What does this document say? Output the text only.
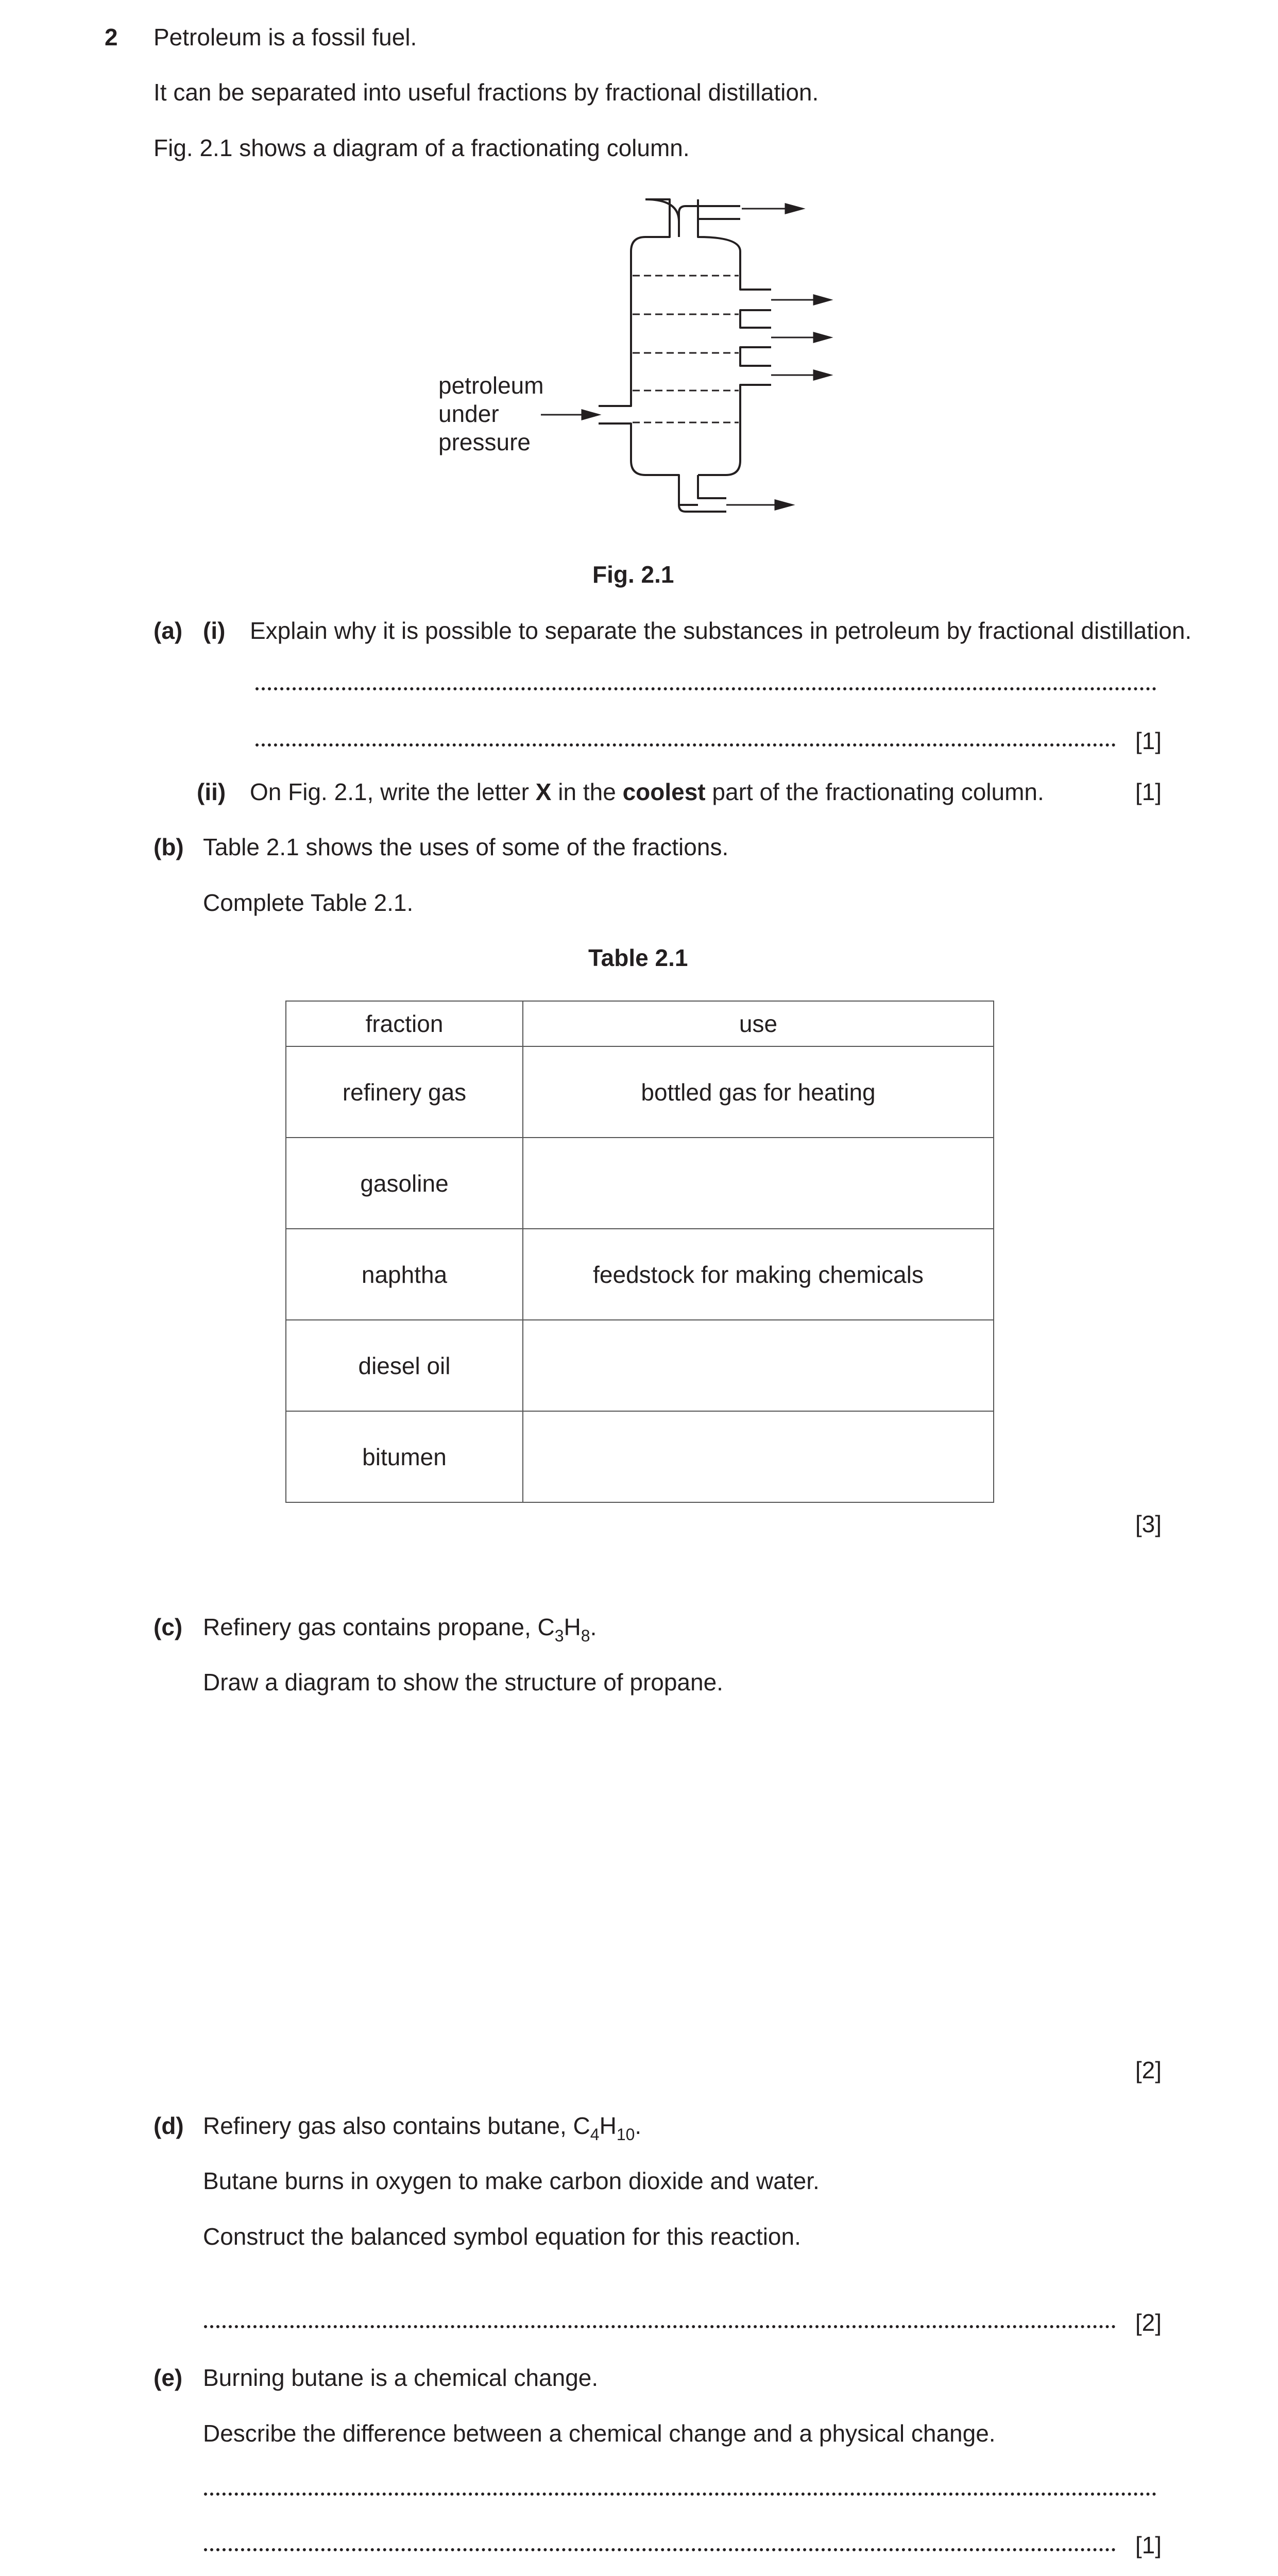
2 Petroleum is a fossil fuel.
It can be separated into useful fractions by fractional distillation.
Fig. 2.1 shows a diagram of a fractionating column.
petroleum
under
pressure
Fig. 2.1
(a) (i) Explain why it is possible to separate the substances in petroleum by fractional distillation.
[1]
(ii) On Fig. 2.1, write the letter X in the coolest part of the fractionating column.	[1]
(b) Table 2.1 shows the uses of some of the fractions.
Complete Table 2.1.
Table 2.1
fraction	use
refinery gas	bottled gas for heating
gasoline	
naphtha	feedstock for making chemicals
diesel oil	
bitumen	
[3]
(c) Refinery gas contains propane, $C_3H_8$.
Draw a diagram to show the structure of propane.
[2]
(d) Refinery gas also contains butane, $C_4H_{10}$.
Butane burns in oxygen to make carbon dioxide and water.
Construct the balanced symbol equation for this reaction.
[2]
(e) Burning butane is a chemical change.
Describe the difference between a chemical change and a physical change.
[1]
